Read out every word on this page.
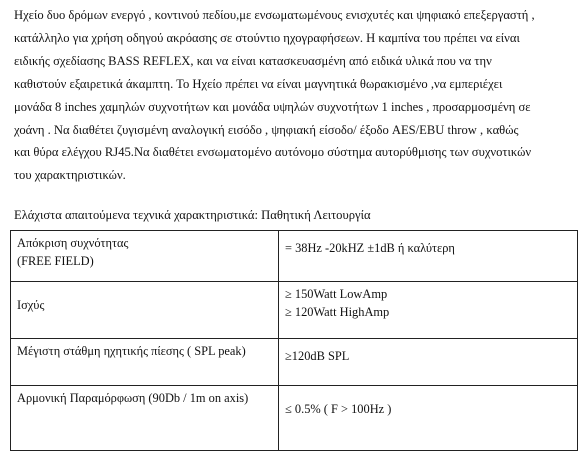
Ηχείο δυο δρόμων ενεργό , κοντινού πεδίου,με ενσωματωμένους ενισχυτές και ψηφιακό επεξεργαστή ,
κατάλληλο για χρήση οδηγού ακρόασης σε στούντιο ηχογραφήσεων. Η καμπίνα του πρέπει να είναι
ειδικής σχεδίασης BASS REFLEX, και να είναι κατασκευασμένη από ειδικά υλικά που να την
καθιστούν εξαιρετικά άκαμπτη. Το Ηχείο πρέπει να είναι μαγνητικά θωρακισμένο ,να εμπεριέχει
μονάδα 8 inches χαμηλών συχνοτήτων και μονάδα υψηλών συχνοτήτων 1 inches , προσαρμοσμένη σε
χοάνη . Να διαθέτει ζυγισμένη αναλογική εισόδο , ψηφιακή είσοδο/ έξοδο AES/EBU throw , καθώς
και θύρα ελέγχου RJ45.Να διαθέτει ενσωματομένο αυτόνομο σύστημα αυτορύθμισης των συχνοτικών
του χαρακτηριστικών.

Ελάχιστα απαιτούμενα τεχνικά χαρακτηριστικά: Παθητική Λειτουργία
Απόκριση συχνότητας
(FREE FIELD)	= 38Hz -20kHZ ±1dB ή καλύτερη

Ισχύς	≥ 150Watt LowAmp
≥ 120Watt HighAmp

Μέγιστη στάθμη ηχητικής πίεσης ( SPL peak)	≥120dB SPL

Αρμονική Παραμόρφωση (90Db / 1m on axis)	≤ 0.5% ( F > 100Hz )
